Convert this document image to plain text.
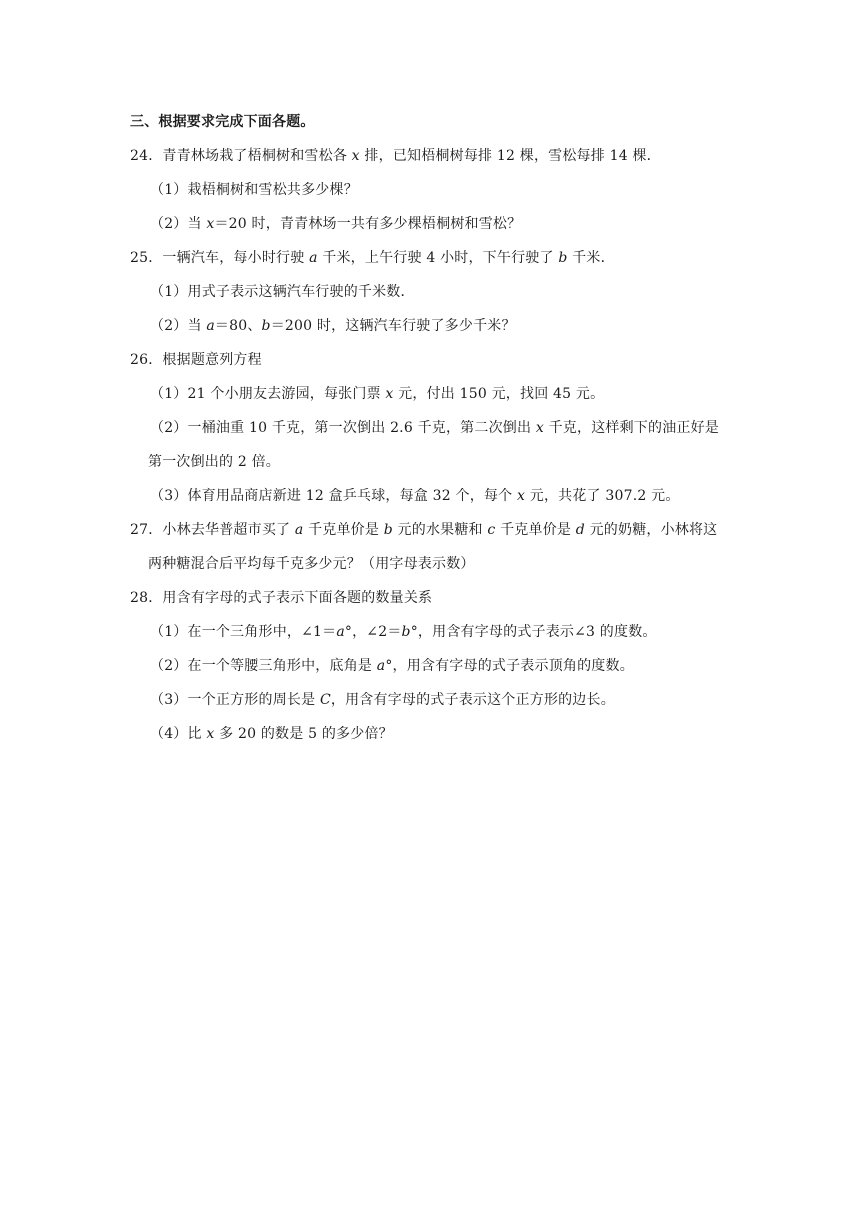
三、根据要求完成下面各题。
24．青青林场栽了梧桐树和雪松各 x 排，已知梧桐树每排 12 棵，雪松每排 14 棵．
（1）栽梧桐树和雪松共多少棵？
（2）当 x＝20 时，青青林场一共有多少棵梧桐树和雪松？
25．一辆汽车，每小时行驶 a 千米，上午行驶 4 小时，下午行驶了 b 千米．
（1）用式子表示这辆汽车行驶的千米数．
（2）当 a＝80、b＝200 时，这辆汽车行驶了多少千米？
26．根据题意列方程
（1）21 个小朋友去游园，每张门票 x 元，付出 150 元，找回 45 元。
（2）一桶油重 10 千克，第一次倒出 2.6 千克，第二次倒出 x 千克，这样剩下的油正好是
第一次倒出的 2 倍。
（3）体育用品商店新进 12 盒乒乓球，每盒 32 个，每个 x 元，共花了 307.2 元。
27．小林去华普超市买了 a 千克单价是 b 元的水果糖和 c 千克单价是 d 元的奶糖，小林将这
两种糖混合后平均每千克多少元？（用字母表示数）
28．用含有字母的式子表示下面各题的数量关系
（1）在一个三角形中，∠1＝a°，∠2＝b°，用含有字母的式子表示∠3 的度数。
（2）在一个等腰三角形中，底角是 a°，用含有字母的式子表示顶角的度数。
（3）一个正方形的周长是 C，用含有字母的式子表示这个正方形的边长。
（4）比 x 多 20 的数是 5 的多少倍？
